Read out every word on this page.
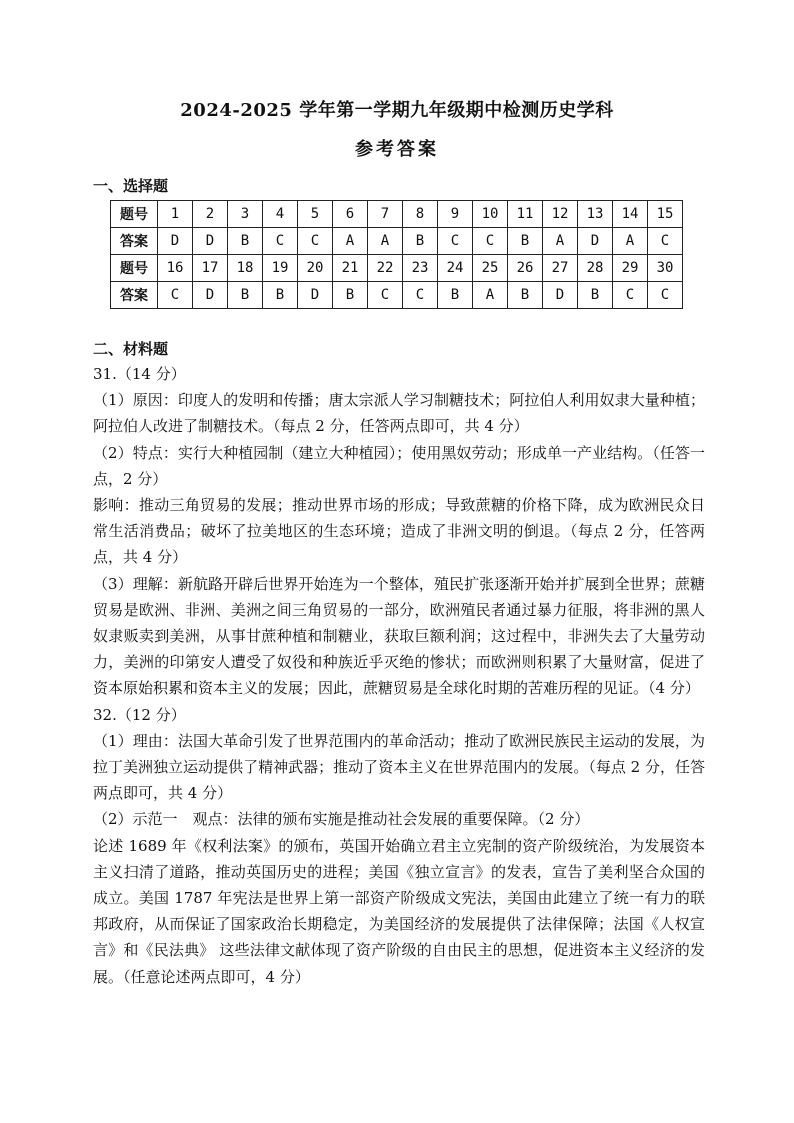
2024-2025 学年第一学期九年级期中检测历史学科
参考答案
一、选择题
题号	1	2	3	4	5	6	7	8	9	10	11	12	13	14	15
答案	D	D	B	C	C	A	A	B	C	C	B	A	D	A	C
题号	16	17	18	19	20	21	22	23	24	25	26	27	28	29	30
答案	C	D	B	B	D	B	C	C	B	A	B	D	B	C	C
二、材料题

31.（14 分）

（1）原因：印度人的发明和传播；唐太宗派人学习制糖技术；阿拉伯人利用奴隶大量种植；阿拉伯人改进了制糖技术。（每点 2 分，任答两点即可，共 4 分）

（2）特点：实行大种植园制（建立大种植园）；使用黑奴劳动；形成单一产业结构。（任答一点，2 分）

影响：推动三角贸易的发展；推动世界市场的形成；导致蔗糖的价格下降，成为欧洲民众日常生活消费品；破坏了拉美地区的生态环境；造成了非洲文明的倒退。（每点 2 分，任答两点，共 4 分）

（3）理解：新航路开辟后世界开始连为一个整体，殖民扩张逐渐开始并扩展到全世界；蔗糖贸易是欧洲、非洲、美洲之间三角贸易的一部分，欧洲殖民者通过暴力征服，将非洲的黑人奴隶贩卖到美洲，从事甘蔗种植和制糖业，获取巨额利润；这过程中，非洲失去了大量劳动力，美洲的印第安人遭受了奴役和种族近乎灭绝的惨状；而欧洲则积累了大量财富，促进了资本原始积累和资本主义的发展；因此，蔗糖贸易是全球化时期的苦难历程的见证。（4 分）

32.（12 分）

（1）理由：法国大革命引发了世界范围内的革命活动；推动了欧洲民族民主运动的发展，为拉丁美洲独立运动提供了精神武器；推动了资本主义在世界范围内的发展。（每点 2 分，任答两点即可，共 4 分）

（2）示范一　观点：法律的颁布实施是推动社会发展的重要保障。（2 分）

论述 1689 年《权利法案》的颁布，英国开始确立君主立宪制的资产阶级统治，为发展资本主义扫清了道路，推动英国历史的进程；美国《独立宣言》的发表，宣告了美利坚合众国的成立。美国 1787 年宪法是世界上第一部资产阶级成文宪法，美国由此建立了统一有力的联邦政府，从而保证了国家政治长期稳定，为美国经济的发展提供了法律保障；法国《人权宣言》和《民法典》 这些法律文献体现了资产阶级的自由民主的思想，促进资本主义经济的发展。（任意论述两点即可，4 分）
